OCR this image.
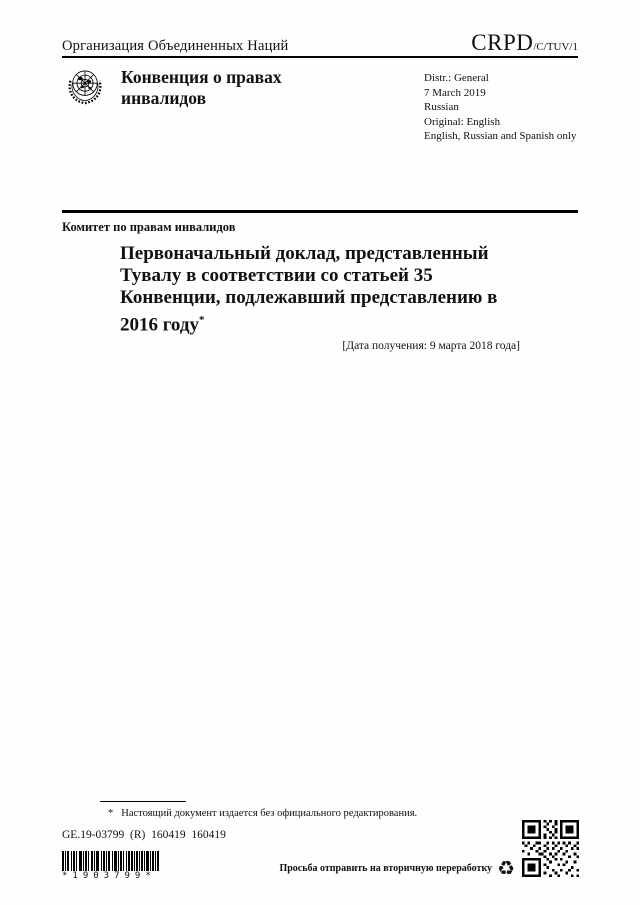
Организация Объединенных Наций	CRPD/C/TUV/1
Конвенция о правах инвалидов
Distr.: General
7 March 2019
Russian
Original: English
English, Russian and Spanish only
Комитет по правам инвалидов
Первоначальный доклад, представленный Тувалу в соответствии со статьей 35 Конвенции, подлежавший представлению в 2016 году*
[Дата получения: 9 марта 2018 года]
* Настоящий документ издается без официального редактирования.
GE.19-03799  (R)  160419  160419
*1903799*
Просьба отправить на вторичную переработку ♻
